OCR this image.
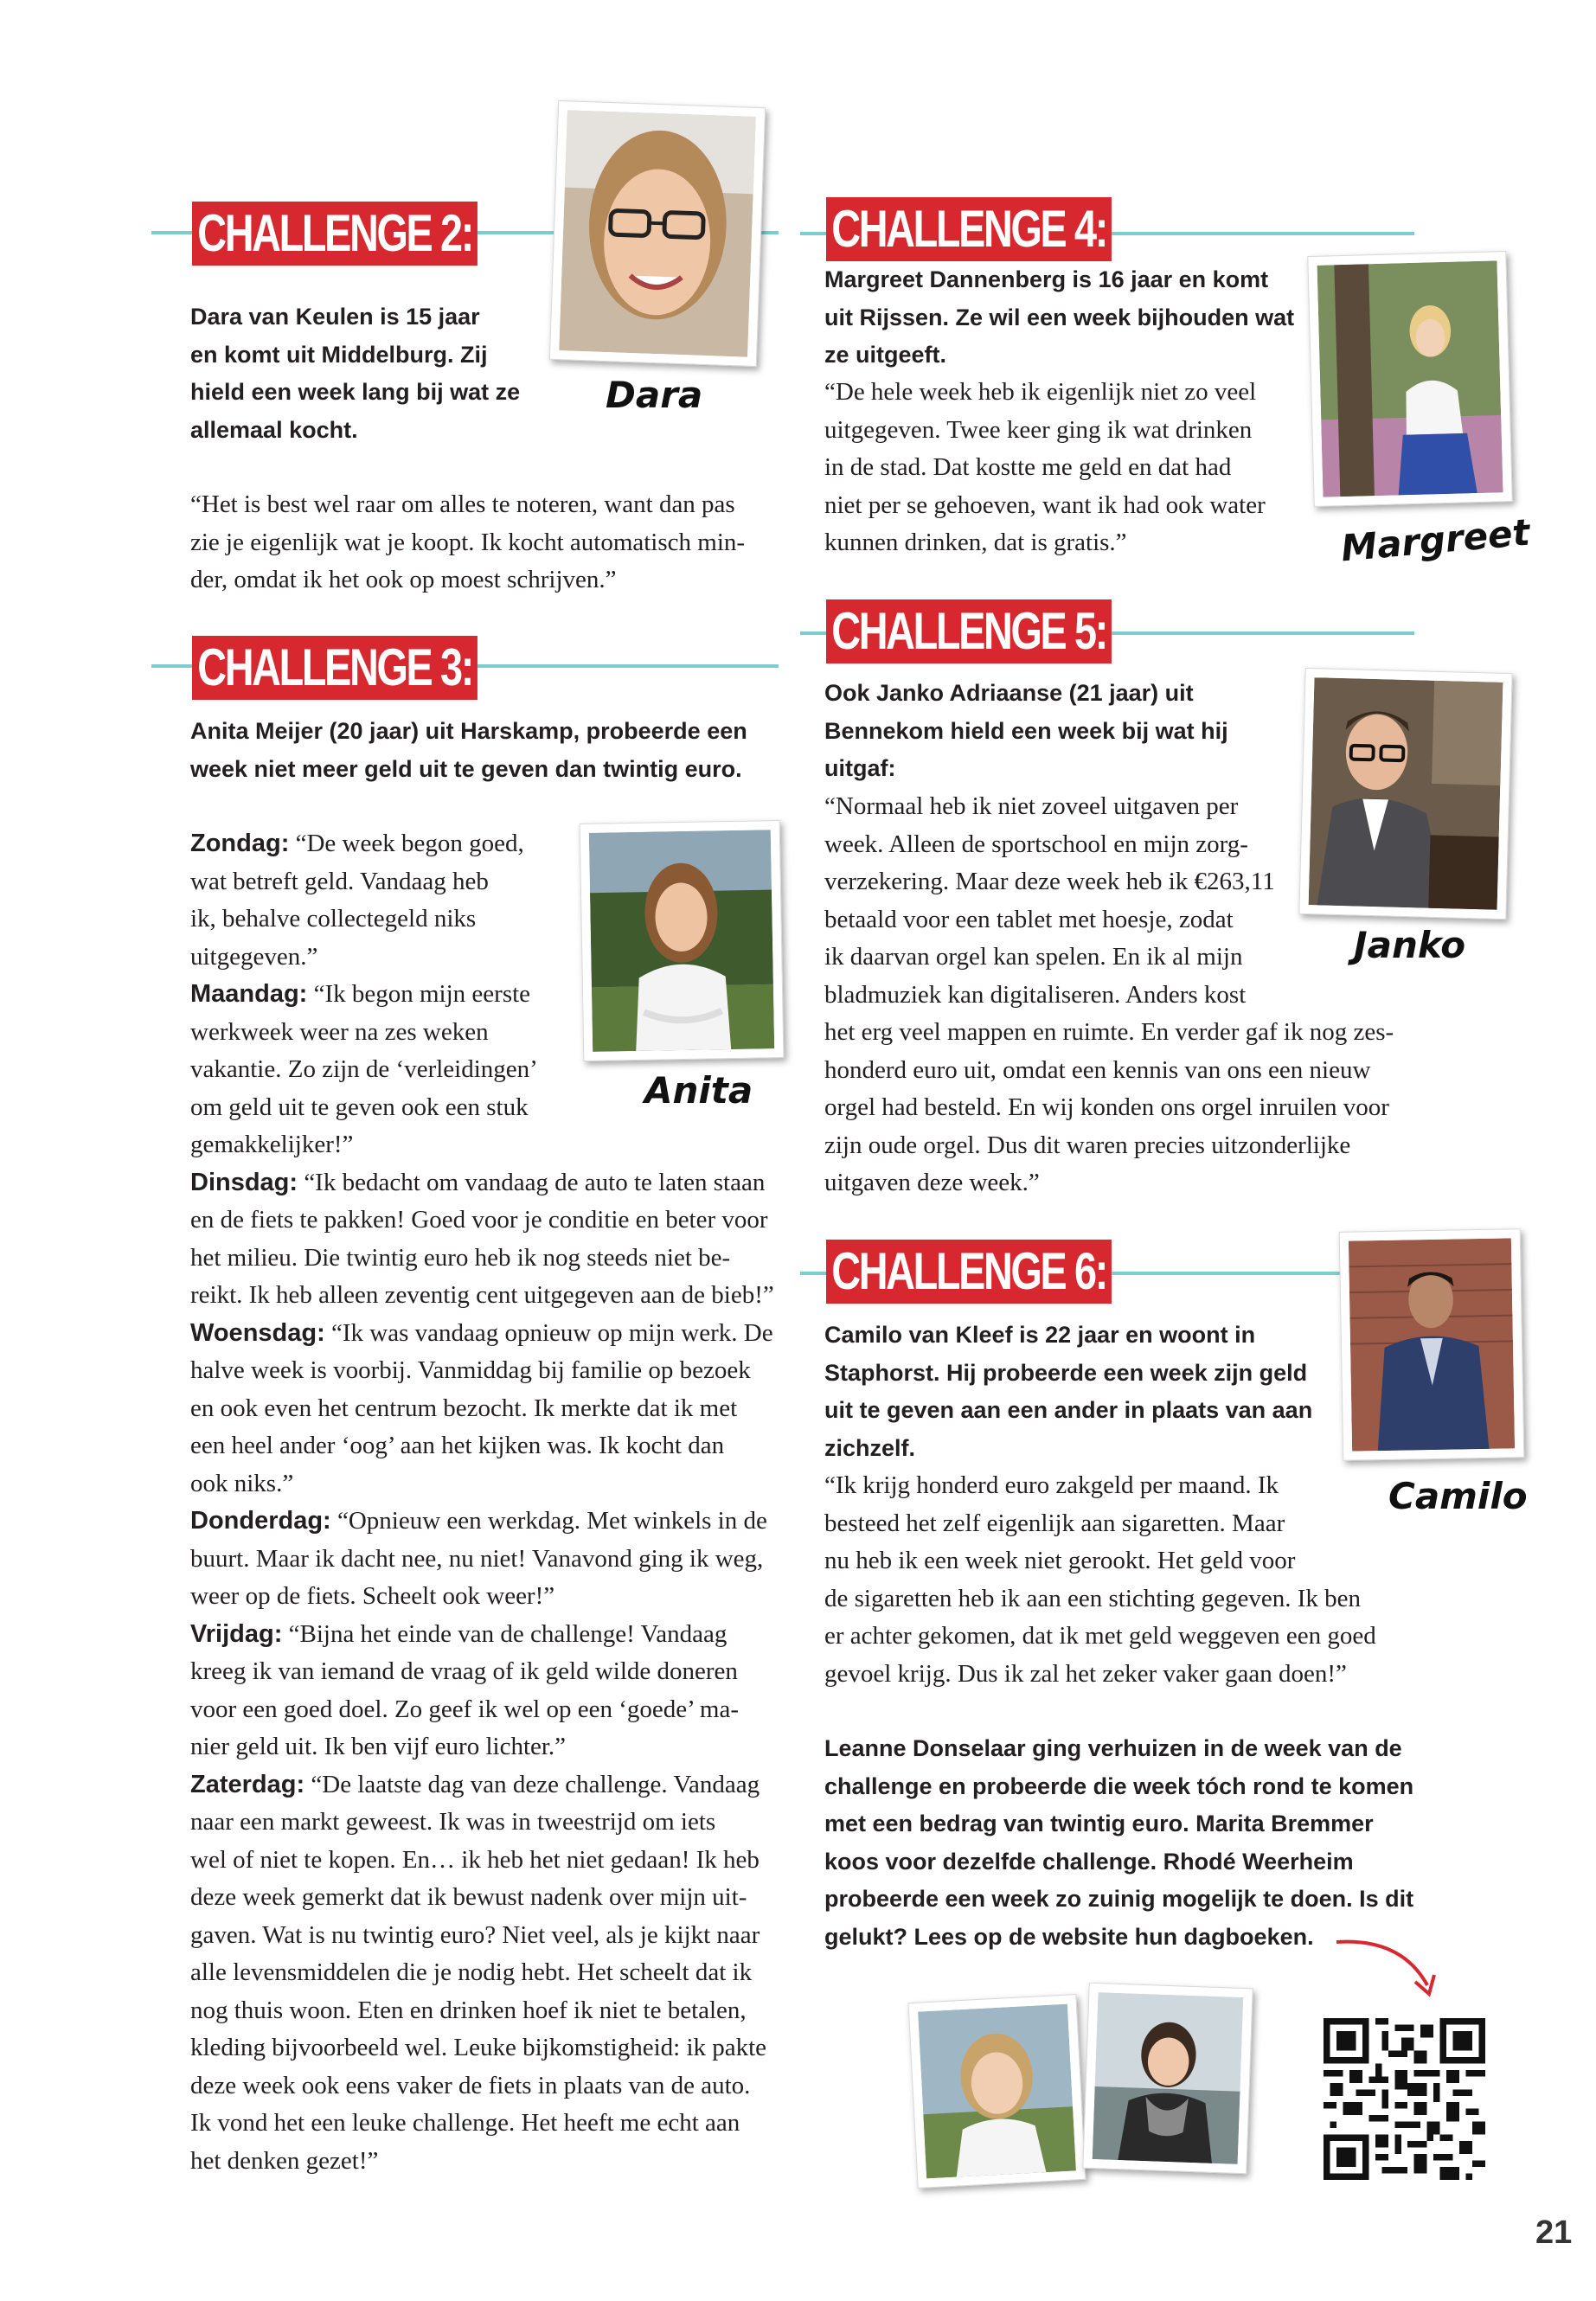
CHALLENGE 2:
Dara
Dara van Keulen is 15 jaar
en komt uit Middelburg. Zij
hield een week lang bij wat ze
allemaal kocht.
“Het is best wel raar om alles te noteren, want dan pas
zie je eigenlijk wat je koopt. Ik kocht automatisch min-
der, omdat ik het ook op moest schrijven.”
CHALLENGE 3:
Anita Meijer (20 jaar) uit Harskamp, probeerde een
week niet meer geld uit te geven dan twintig euro.
Anita
Zondag: “De week begon goed,
wat betreft geld. Vandaag heb
ik, behalve collectegeld niks
uitgegeven.”
Maandag: “Ik begon mijn eerste
werkweek weer na zes weken
vakantie. Zo zijn de ‘verleidingen’
om geld uit te geven ook een stuk
gemakkelijker!”
Dinsdag: “Ik bedacht om vandaag de auto te laten staan
en de fiets te pakken! Goed voor je conditie en beter voor
het milieu. Die twintig euro heb ik nog steeds niet be-
reikt. Ik heb alleen zeventig cent uitgegeven aan de bieb!”
Woensdag: “Ik was vandaag opnieuw op mijn werk. De
halve week is voorbij. Vanmiddag bij familie op bezoek
en ook even het centrum bezocht. Ik merkte dat ik met
een heel ander ‘oog’ aan het kijken was. Ik kocht dan
ook niks.”
Donderdag: “Opnieuw een werkdag. Met winkels in de
buurt. Maar ik dacht nee, nu niet! Vanavond ging ik weg,
weer op de fiets. Scheelt ook weer!”
Vrijdag: “Bijna het einde van de challenge! Vandaag
kreeg ik van iemand de vraag of ik geld wilde doneren
voor een goed doel. Zo geef ik wel op een ‘goede’ ma-
nier geld uit. Ik ben vijf euro lichter.”
Zaterdag: “De laatste dag van deze challenge. Vandaag
naar een markt geweest. Ik was in tweestrijd om iets
wel of niet te kopen. En… ik heb het niet gedaan! Ik heb
deze week gemerkt dat ik bewust nadenk over mijn uit-
gaven. Wat is nu twintig euro? Niet veel, als je kijkt naar
alle levensmiddelen die je nodig hebt. Het scheelt dat ik
nog thuis woon. Eten en drinken hoef ik niet te betalen,
kleding bijvoorbeeld wel. Leuke bijkomstigheid: ik pakte
deze week ook eens vaker de fiets in plaats van de auto.
Ik vond het een leuke challenge. Het heeft me echt aan
het denken gezet!”
CHALLENGE 4:
Margreet Dannenberg is 16 jaar en komt
uit Rijssen. Ze wil een week bijhouden wat
ze uitgeeft.
“De hele week heb ik eigenlijk niet zo veel
uitgegeven. Twee keer ging ik wat drinken
in de stad. Dat kostte me geld en dat had
niet per se gehoeven, want ik had ook water
kunnen drinken, dat is gratis.”	Margreet
CHALLENGE 5:
Ook Janko Adriaanse (21 jaar) uit
Bennekom hield een week bij wat hij
uitgaf:
“Normaal heb ik niet zoveel uitgaven per
week. Alleen de sportschool en mijn zorg-
verzekering. Maar deze week heb ik €263,11
betaald voor een tablet met hoesje, zodat
ik daarvan orgel kan spelen. En ik al mijn
bladmuziek kan digitaliseren. Anders kost
het erg veel mappen en ruimte. En verder gaf ik nog zes-
honderd euro uit, omdat een kennis van ons een nieuw
orgel had besteld. En wij konden ons orgel inruilen voor
zijn oude orgel. Dus dit waren precies uitzonderlijke
uitgaven deze week.”
Janko
CHALLENGE 6:
Camilo
Camilo van Kleef is 22 jaar en woont in
Staphorst. Hij probeerde een week zijn geld
uit te geven aan een ander in plaats van aan
zichzelf.
“Ik krijg honderd euro zakgeld per maand. Ik
besteed het zelf eigenlijk aan sigaretten. Maar
nu heb ik een week niet gerookt. Het geld voor
de sigaretten heb ik aan een stichting gegeven. Ik ben
er achter gekomen, dat ik met geld weggeven een goed
gevoel krijg. Dus ik zal het zeker vaker gaan doen!”
Leanne Donselaar ging verhuizen in de week van de
challenge en probeerde die week tóch rond te komen
met een bedrag van twintig euro. Marita Bremmer
koos voor dezelfde challenge. Rhodé Weerheim
probeerde een week zo zuinig mogelijk te doen. Is dit
gelukt? Lees op de website hun dagboeken.
21
